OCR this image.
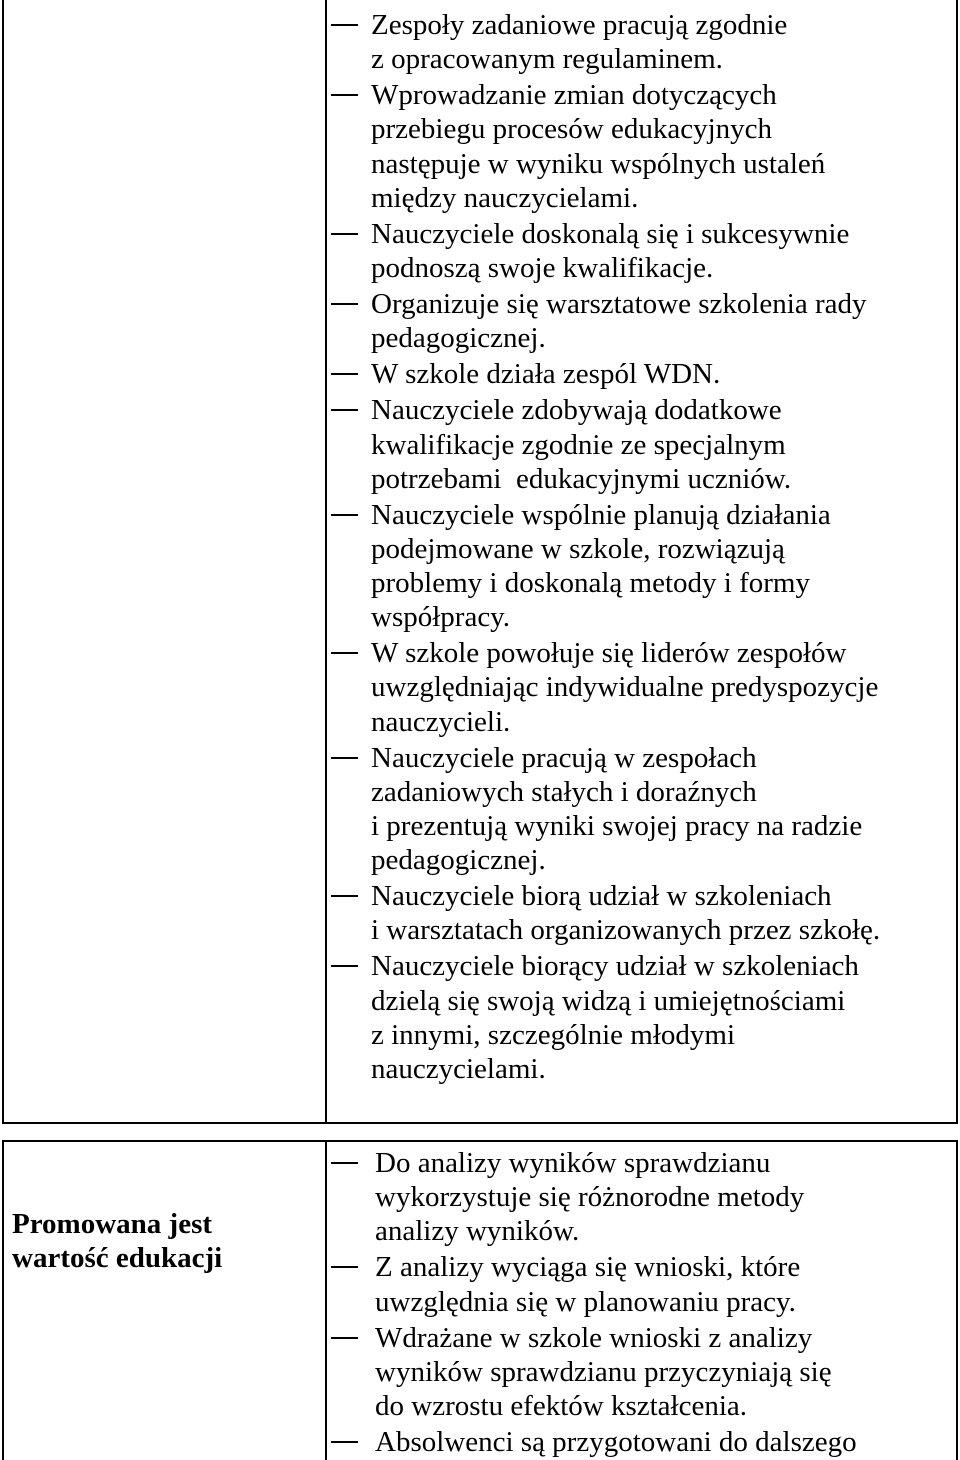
Zespoły zadaniowe pracują zgodnie
z opracowanym regulaminem.
Wprowadzanie zmian dotyczących
przebiegu procesów edukacyjnych
następuje w wyniku wspólnych ustaleń
między nauczycielami.
Nauczyciele doskonalą się i sukcesywnie
podnoszą swoje kwalifikacje.
Organizuje się warsztatowe szkolenia rady
pedagogicznej.
W szkole działa zespól WDN.
Nauczyciele zdobywają dodatkowe
kwalifikacje zgodnie ze specjalnym
potrzebami  edukacyjnymi uczniów.
Nauczyciele wspólnie planują działania
podejmowane w szkole, rozwiązują
problemy i doskonalą metody i formy
współpracy.
W szkole powołuje się liderów zespołów
uwzględniając indywidualne predyspozycje
nauczycieli.
Nauczyciele pracują w zespołach
zadaniowych stałych i doraźnych
i prezentują wyniki swojej pracy na radzie
pedagogicznej.
Nauczyciele biorą udział w szkoleniach
i warsztatach organizowanych przez szkołę.
Nauczyciele biorący udział w szkoleniach
dzielą się swoją widzą i umiejętnościami
z innymi, szczególnie młodymi
nauczycielami.
Promowana jest
wartość edukacji
Do analizy wyników sprawdzianu
wykorzystuje się różnorodne metody
analizy wyników.
Z analizy wyciąga się wnioski, które
uwzględnia się w planowaniu pracy.
Wdrażane w szkole wnioski z analizy
wyników sprawdzianu przyczyniają się
do wzrostu efektów kształcenia.
Absolwenci są przygotowani do dalszego
